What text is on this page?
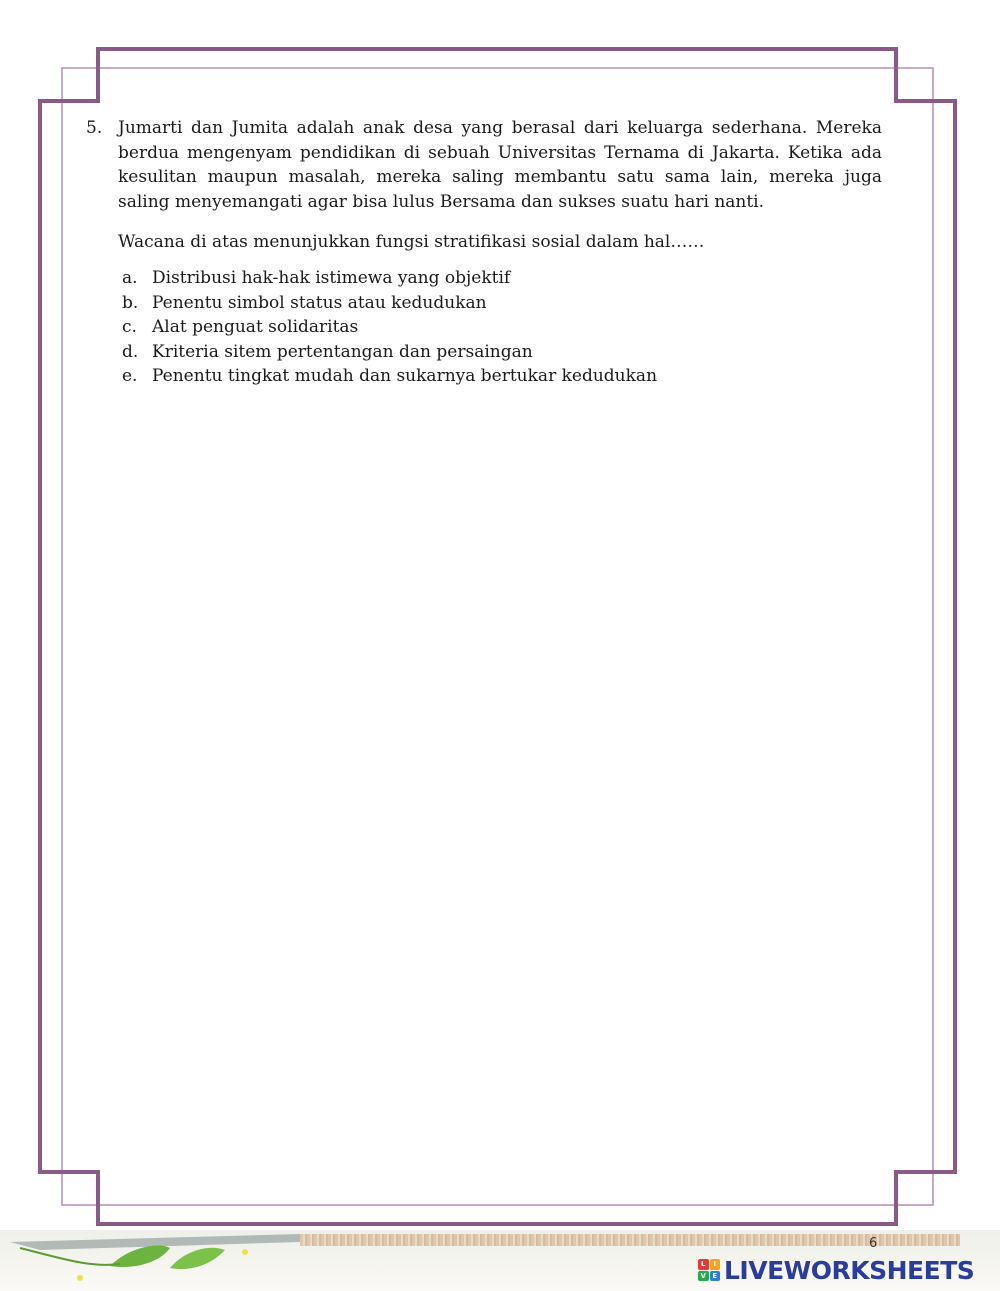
5. Jumarti dan Jumita adalah anak desa yang berasal dari keluarga sederhana. Mereka berdua mengenyam pendidikan di sebuah Universitas Ternama di Jakarta. Ketika ada kesulitan maupun masalah, mereka saling membantu satu sama lain, mereka juga saling menyemangati agar bisa lulus Bersama dan sukses suatu hari nanti.

Wacana di atas menunjukkan fungsi stratifikasi sosial dalam hal……

a. Distribusi hak-hak istimewa yang objektif
b. Penentu simbol status atau kedudukan
c. Alat penguat solidaritas
d. Kriteria sitem pertentangan dan persaingan
e. Penentu tingkat mudah dan sukarnya bertukar kedudukan
6
L	I
V E LIVEWORKSHEETS
